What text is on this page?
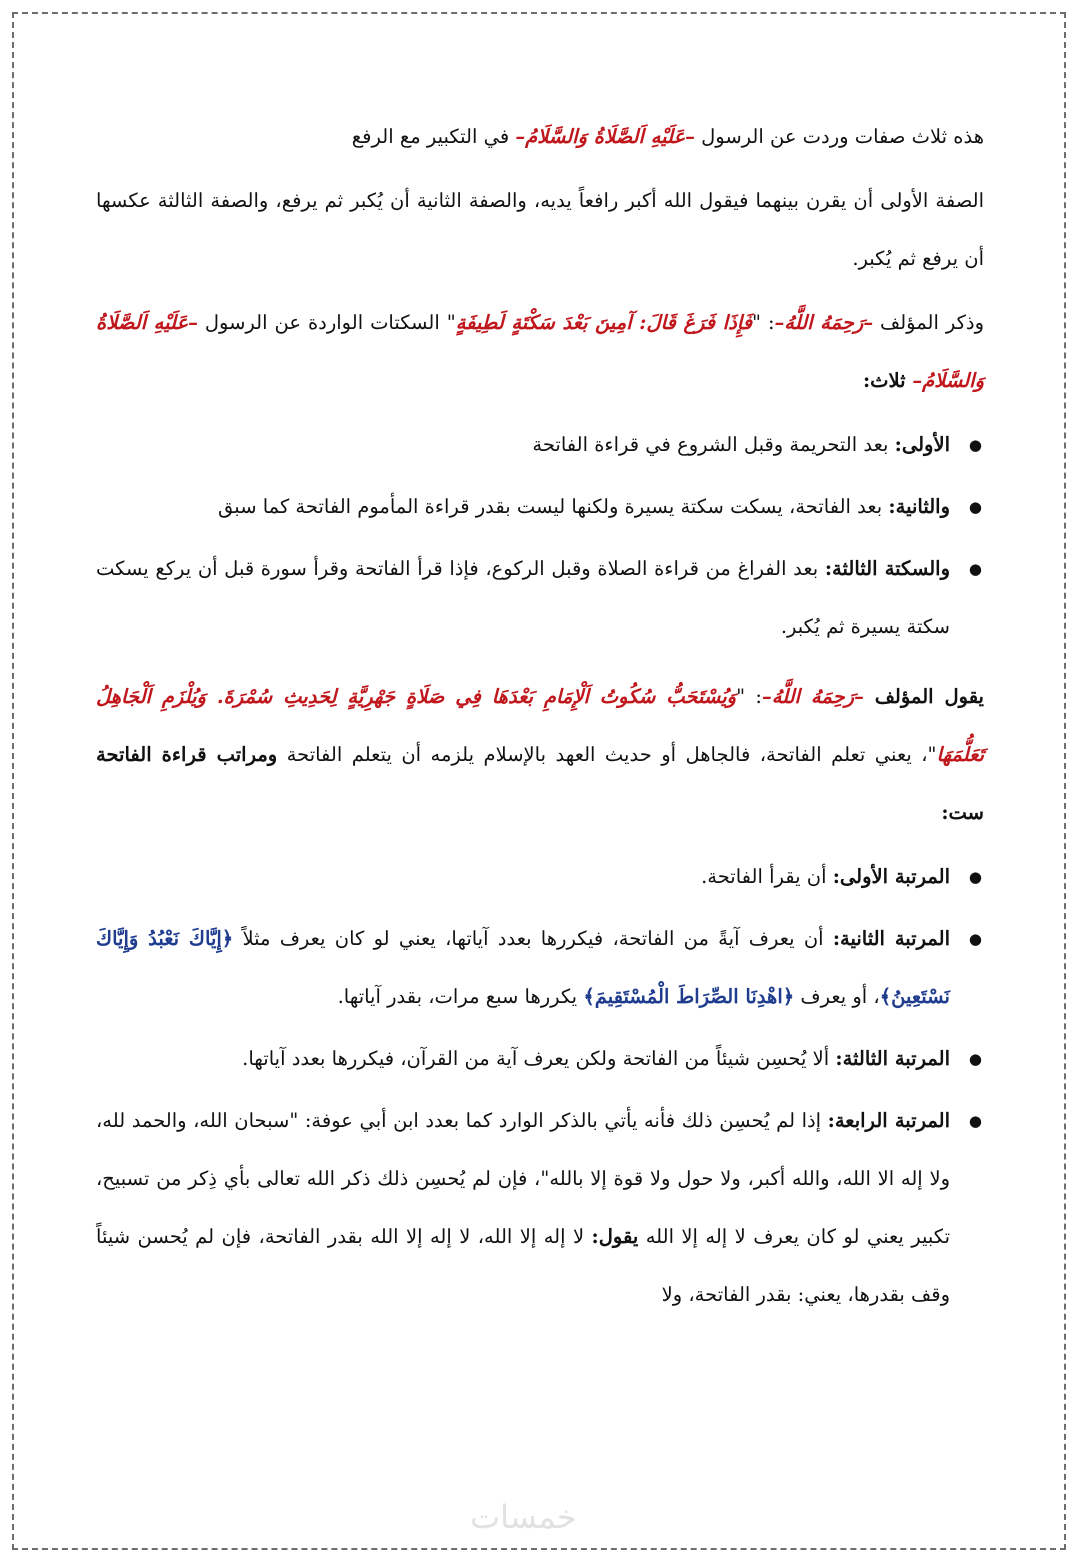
هذه ثلاث صفات وردت عن الرسول –عَلَيْهِ اَلصَّلَاةُ وَالسَّلَامُ– في التكبير مع الرفع

الصفة الأولى أن يقرن بينهما فيقول الله أكبر رافعاً يديه، والصفة الثانية أن يُكبر ثم يرفع، والصفة الثالثة عكسها أن يرفع ثم يُكبر.

وذكر المؤلف –رَحِمَهُ اللَّهُ–: "فَإِذَا فَرَغَ قَالَ: آمِينَ بَعْدَ سَكْتَةٍ لَطِيفَةٍ" السكتات الواردة عن الرسول –عَلَيْهِ اَلصَّلَاةُ وَالسَّلَامُ– ثلاث:

● الأولى: بعد التحريمة وقبل الشروع في قراءة الفاتحة
● والثانية: بعد الفاتحة، يسكت سكتة يسيرة ولكنها ليست بقدر قراءة المأموم الفاتحة كما سبق
● والسكتة الثالثة: بعد الفراغ من قراءة الصلاة وقبل الركوع، فإذا قرأ الفاتحة وقرأ سورة قبل أن يركع يسكت سكتة يسيرة ثم يُكبر.

يقول المؤلف –رَحِمَهُ اللَّهُ–: "وَيُسْتَحَبُّ سُكُوتُ اَلْإِمَامِ بَعْدَهَا فِي صَلَاةٍ جَهْرِيَّةٍ لِحَدِيثِ سُمْرَةَ. وَيُلْزَمِ اَلْجَاهِلُ تَعَلُّمَهَا"، يعني تعلم الفاتحة، فالجاهل أو حديث العهد بالإسلام يلزمه أن يتعلم الفاتحة ومراتب قراءة الفاتحة ست:

● المرتبة الأولى: أن يقرأ الفاتحة.
● المرتبة الثانية: أن يعرف آيةً من الفاتحة، فيكررها بعدد آياتها، يعني لو كان يعرف مثلاً ﴿إِيَّاكَ نَعْبُدُ وَإِيَّاكَ نَسْتَعِينُ﴾، أو يعرف ﴿اهْدِنَا الصِّرَاطَ الْمُسْتَقِيمَ﴾ يكررها سبع مرات، بقدر آياتها.
● المرتبة الثالثة: ألا يُحسِن شيئاً من الفاتحة ولكن يعرف آية من القرآن، فيكررها بعدد آياتها.
● المرتبة الرابعة: إذا لم يُحسِن ذلك فأنه يأتي بالذكر الوارد كما بعدد ابن أبي عوفة: "سبحان الله، والحمد لله، ولا إله الا الله، والله أكبر، ولا حول ولا قوة إلا بالله"، فإن لم يُحسِن ذلك ذكر الله تعالى بأي ذِكر من تسبيح، تكبير يعني لو كان يعرف لا إله إلا الله يقول: لا إله إلا الله، لا إله إلا الله بقدر الفاتحة، فإن لم يُحسن شيئاً وقف بقدرها، يعني: بقدر الفاتحة، ولا
خمسات
